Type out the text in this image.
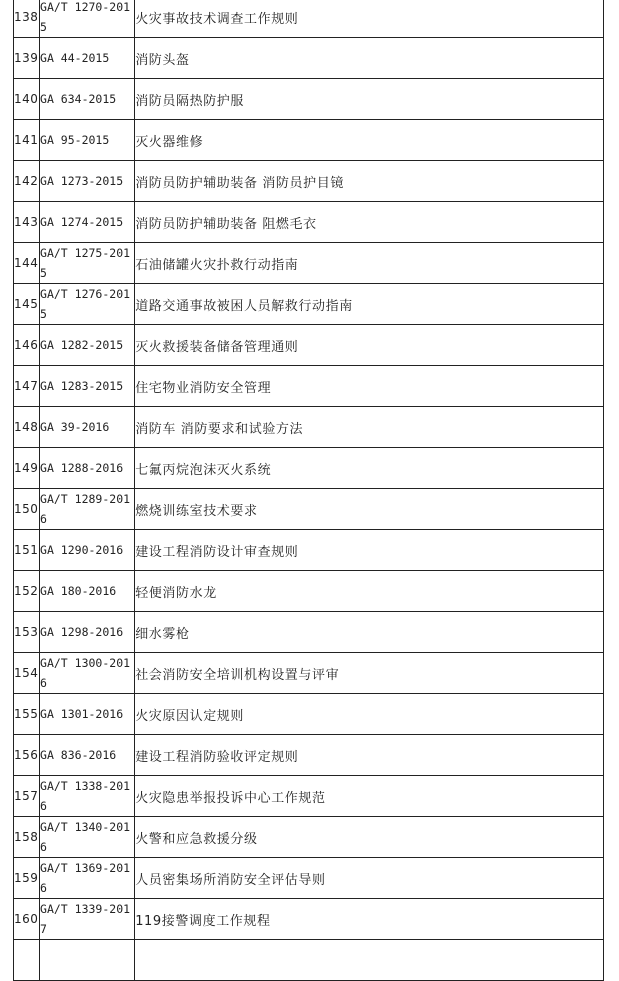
138	GA/T 1270-2015	火灾事故技术调查工作规则
139	GA 44-2015	消防头盔
140	GA 634-2015	消防员隔热防护服
141	GA 95-2015	灭火器维修
142	GA 1273-2015	消防员防护辅助装备 消防员护目镜
143	GA 1274-2015	消防员防护辅助装备 阻燃毛衣
144	GA/T 1275-2015	石油储罐火灾扑救行动指南
145	GA/T 1276-2015	道路交通事故被困人员解救行动指南
146	GA 1282-2015	灭火救援装备储备管理通则
147	GA 1283-2015	住宅物业消防安全管理
148	GA 39-2016	消防车 消防要求和试验方法
149	GA 1288-2016	七氟丙烷泡沫灭火系统
150	GA/T 1289-2016	燃烧训练室技术要求
151	GA 1290-2016	建设工程消防设计审查规则
152	GA 180-2016	轻便消防水龙
153	GA 1298-2016	细水雾枪
154	GA/T 1300-2016	社会消防安全培训机构设置与评审
155	GA 1301-2016	火灾原因认定规则
156	GA 836-2016	建设工程消防验收评定规则
157	GA/T 1338-2016	火灾隐患举报投诉中心工作规范
158	GA/T 1340-2016	火警和应急救援分级
159	GA/T 1369-2016	人员密集场所消防安全评估导则
160	GA/T 1339-2017	119接警调度工作规程
